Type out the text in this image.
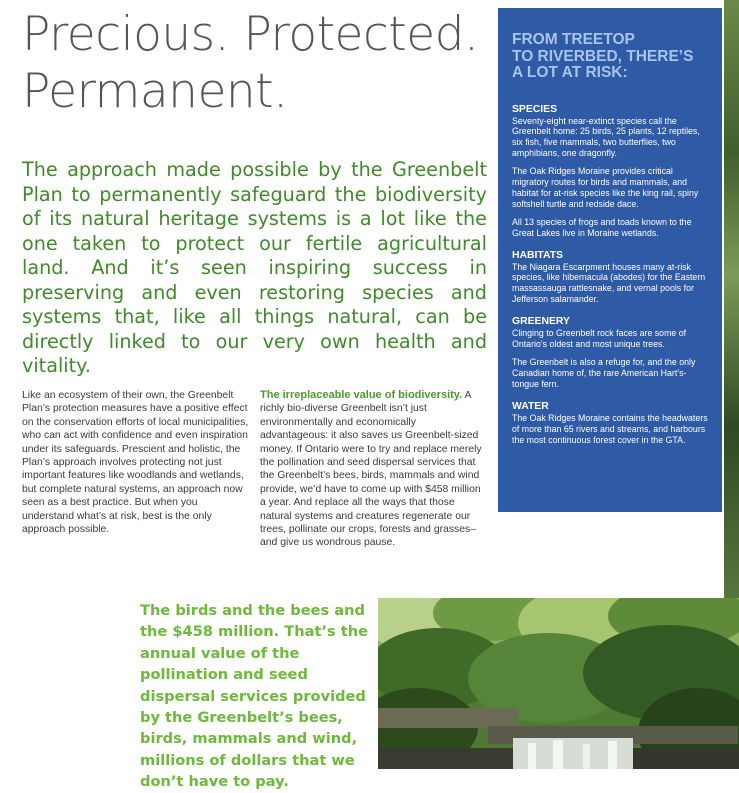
Precious. Protected.
Permanent.
The approach made possible by the Greenbelt Plan to permanently safeguard the biodiversity of its natural heritage systems is a lot like the one taken to protect our fertile agricultural land. And it’s seen inspiring success in preserving and even restoring species and systems that, like all things natural, can be directly linked to our very own health and vitality.
Like an ecosystem of their own, the Greenbelt Plan’s protection measures have a positive effect on the conservation efforts of local municipalities, who can act with confidence and even inspiration under its safeguards. Prescient and holistic, the Plan’s approach involves protecting not just important features like woodlands and wetlands, but complete natural systems, an approach now seen as a best practice. But when you understand what’s at risk, best is the only approach possible.
The irreplaceable value of biodiversity. A richly bio-diverse Greenbelt isn’t just environmentally and economically advantageous: it also saves us Greenbelt-sized money. If Ontario were to try and replace merely the pollination and seed dispersal services that the Greenbelt’s bees, birds, mammals and wind provide, we’d have to come up with $458 million a year. And replace all the ways that those natural systems and creatures regenerate our trees, pollinate our crops, forests and grasses–and give us wondrous pause.
FROM TREETOP
TO RIVERBED, THERE’S
A LOT AT RISK:
SPECIES

Seventy-eight near-extinct species call the Greenbelt home: 25 birds, 25 plants, 12 reptiles, six fish, five mammals, two butterflies, two amphibians, one dragonfly.

The Oak Ridges Moraine provides critical migratory routes for birds and mammals, and habitat for at-risk species like the king rail, spiny softshell turtle and redside dace.

All 13 species of frogs and toads known to the Great Lakes live in Moraine wetlands.

HABITATS

The Niagara Escarpment houses many at-risk species, like hibernacula (abodes) for the Eastern massassauga rattlesnake, and vernal pools for Jefferson salamander.

GREENERY

Clinging to Greenbelt rock faces are some of Ontario’s oldest and most unique trees.

The Greenbelt is also a refuge for, and the only Canadian home of, the rare American Hart’s-tongue fern.

WATER

The Oak Ridges Moraine contains the headwaters of more than 65 rivers and streams, and harbours the most continuous forest cover in the GTA.

The birds and the bees and the $458 million. That’s the annual value of the pollination and seed dispersal services provided by the Greenbelt’s bees, birds, mammals and wind, millions of dollars that we don’t have to pay.
